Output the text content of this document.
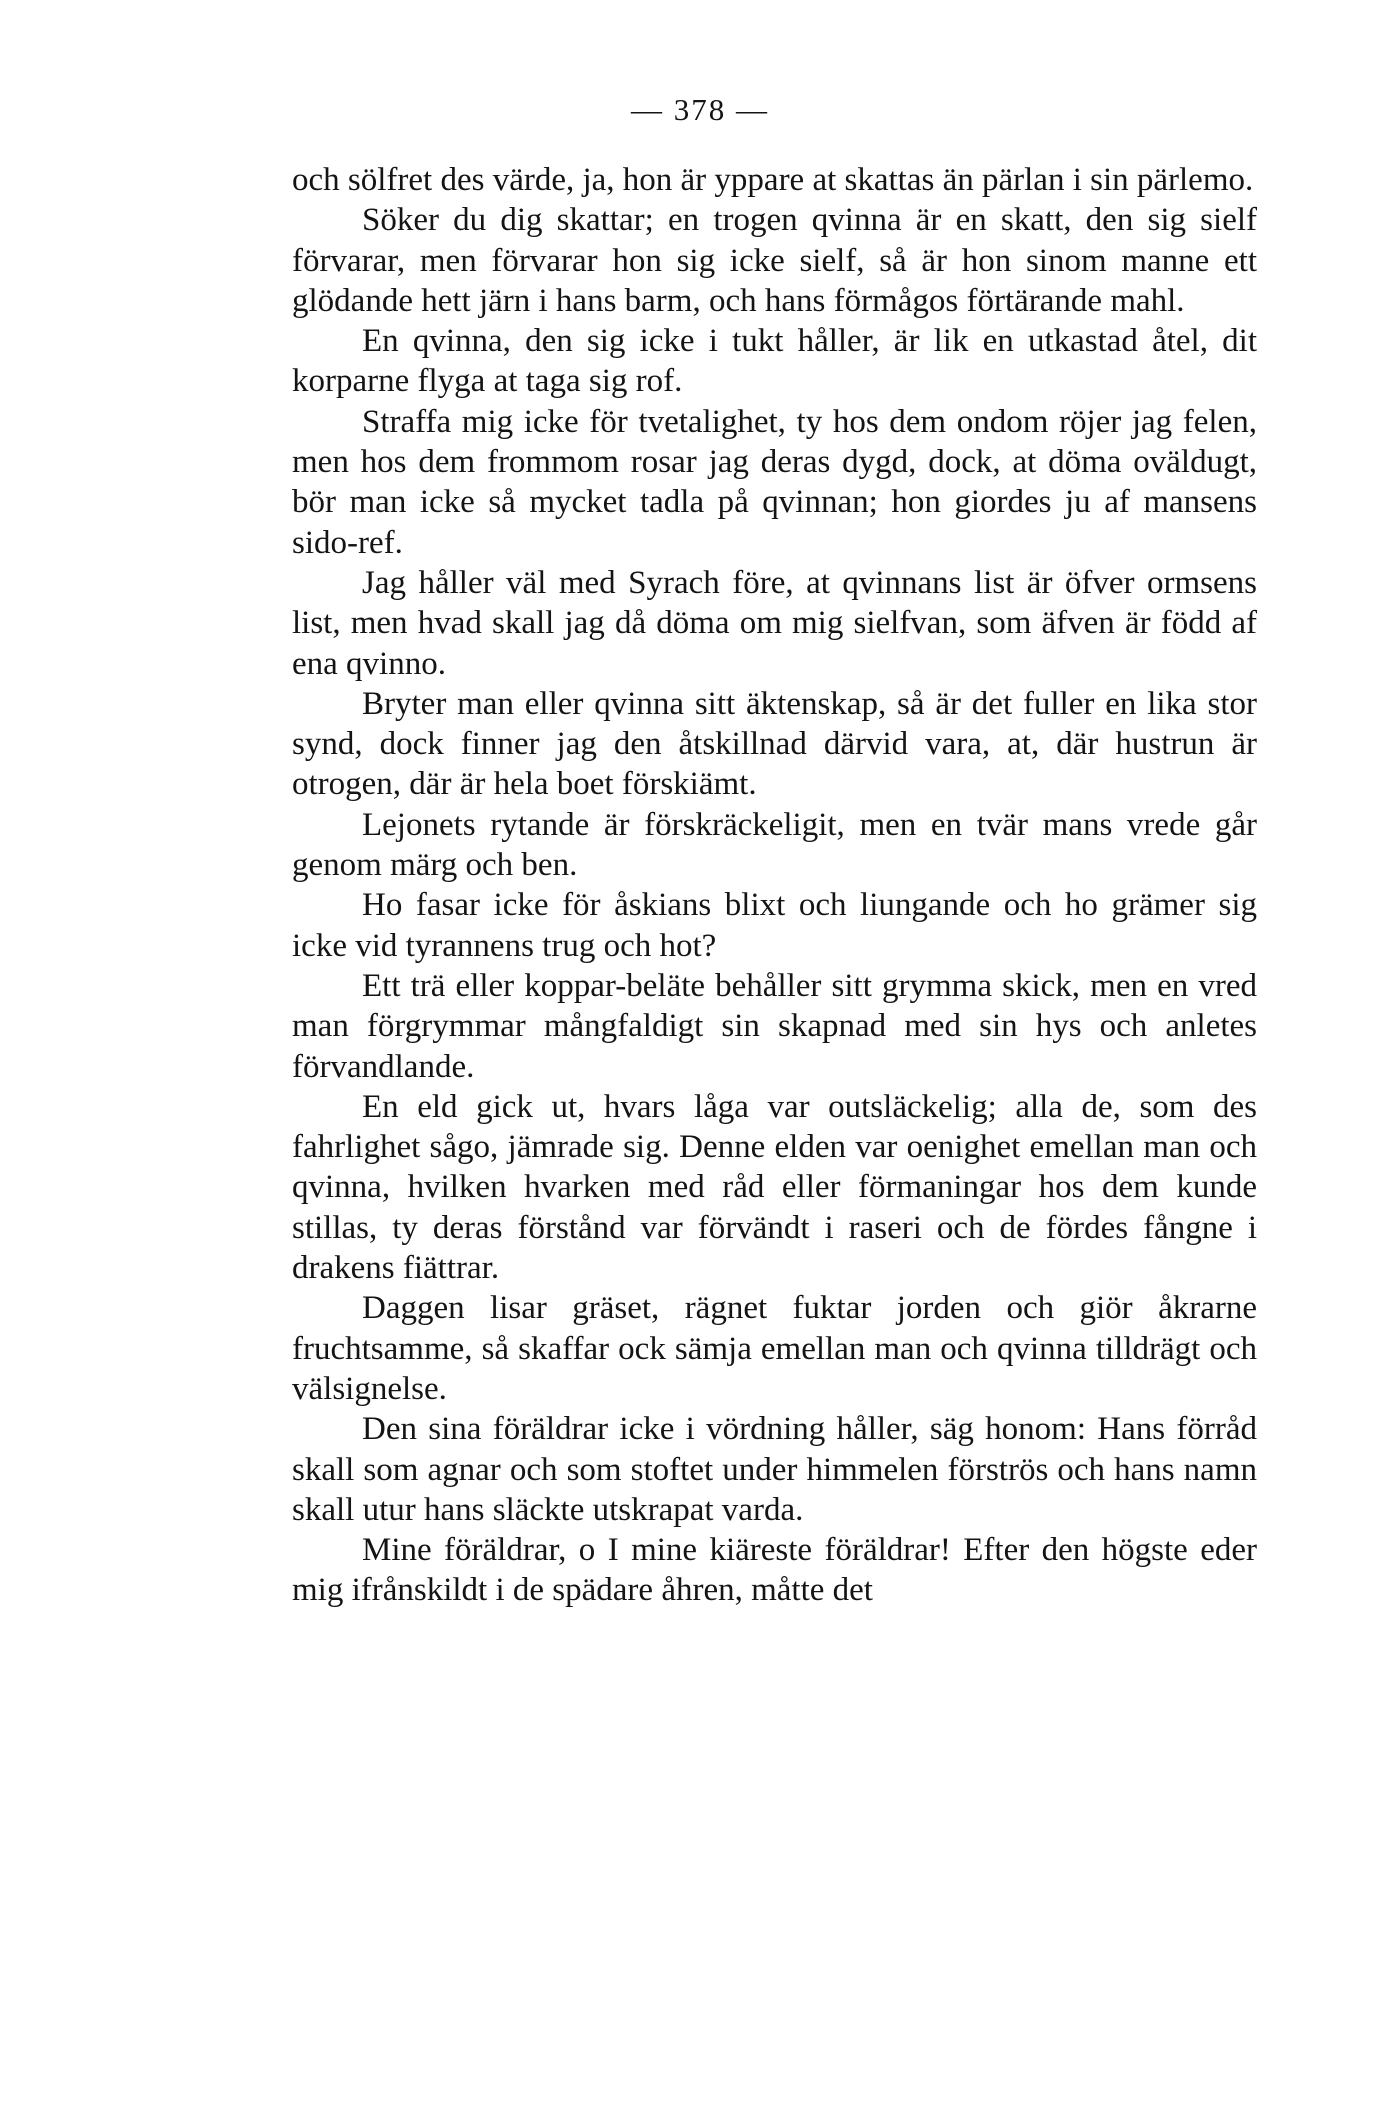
— 378 —

och sölfret des värde, ja, hon är yppare at skattas än pärlan i sin pärlemo.

Söker du dig skattar; en trogen qvinna är en skatt, den sig sielf förvarar, men förvarar hon sig icke sielf, så är hon sinom manne ett glödande hett järn i hans barm, och hans förmågos förtärande mahl.

En qvinna, den sig icke i tukt håller, är lik en utkastad åtel, dit korparne flyga at taga sig rof.

Straffa mig icke för tvetalighet, ty hos dem ondom röjer jag felen, men hos dem frommom rosar jag deras dygd, dock, at döma oväldugt, bör man icke så mycket tadla på qvinnan; hon giordes ju af mansens sido-ref.

Jag håller väl med Syrach före, at qvinnans list är öfver ormsens list, men hvad skall jag då döma om mig sielfvan, som äfven är född af ena qvinno.

Bryter man eller qvinna sitt äktenskap, så är det fuller en lika stor synd, dock finner jag den åtskillnad därvid vara, at, där hustrun är otrogen, där är hela boet förskiämt.

Lejonets rytande är förskräckeligit, men en tvär mans vrede går genom märg och ben.

Ho fasar icke för åskians blixt och liungande och ho grämer sig icke vid tyrannens trug och hot?

Ett trä eller koppar-beläte behåller sitt grymma skick, men en vred man förgrymmar mångfaldigt sin skapnad med sin hys och anletes förvandlande.

En eld gick ut, hvars låga var outsläckelig; alla de, som des fahrlighet sågo, jämrade sig. Denne elden var oenighet emellan man och qvinna, hvilken hvarken med råd eller förmaningar hos dem kunde stillas, ty deras förstånd var förvändt i raseri och de fördes fångne i drakens fiättrar.

Daggen lisar gräset, rägnet fuktar jorden och giör åkrarne fruchtsamme, så skaffar ock sämja emellan man och qvinna tilldrägt och välsignelse.

Den sina föräldrar icke i vördning håller, säg honom: Hans förråd skall som agnar och som stoftet under himmelen förströs och hans namn skall utur hans släckte utskrapat varda.

Mine föräldrar, o I mine kiäreste föräldrar! Efter den högste eder mig ifrånskildt i de spädare åhren, måtte det
